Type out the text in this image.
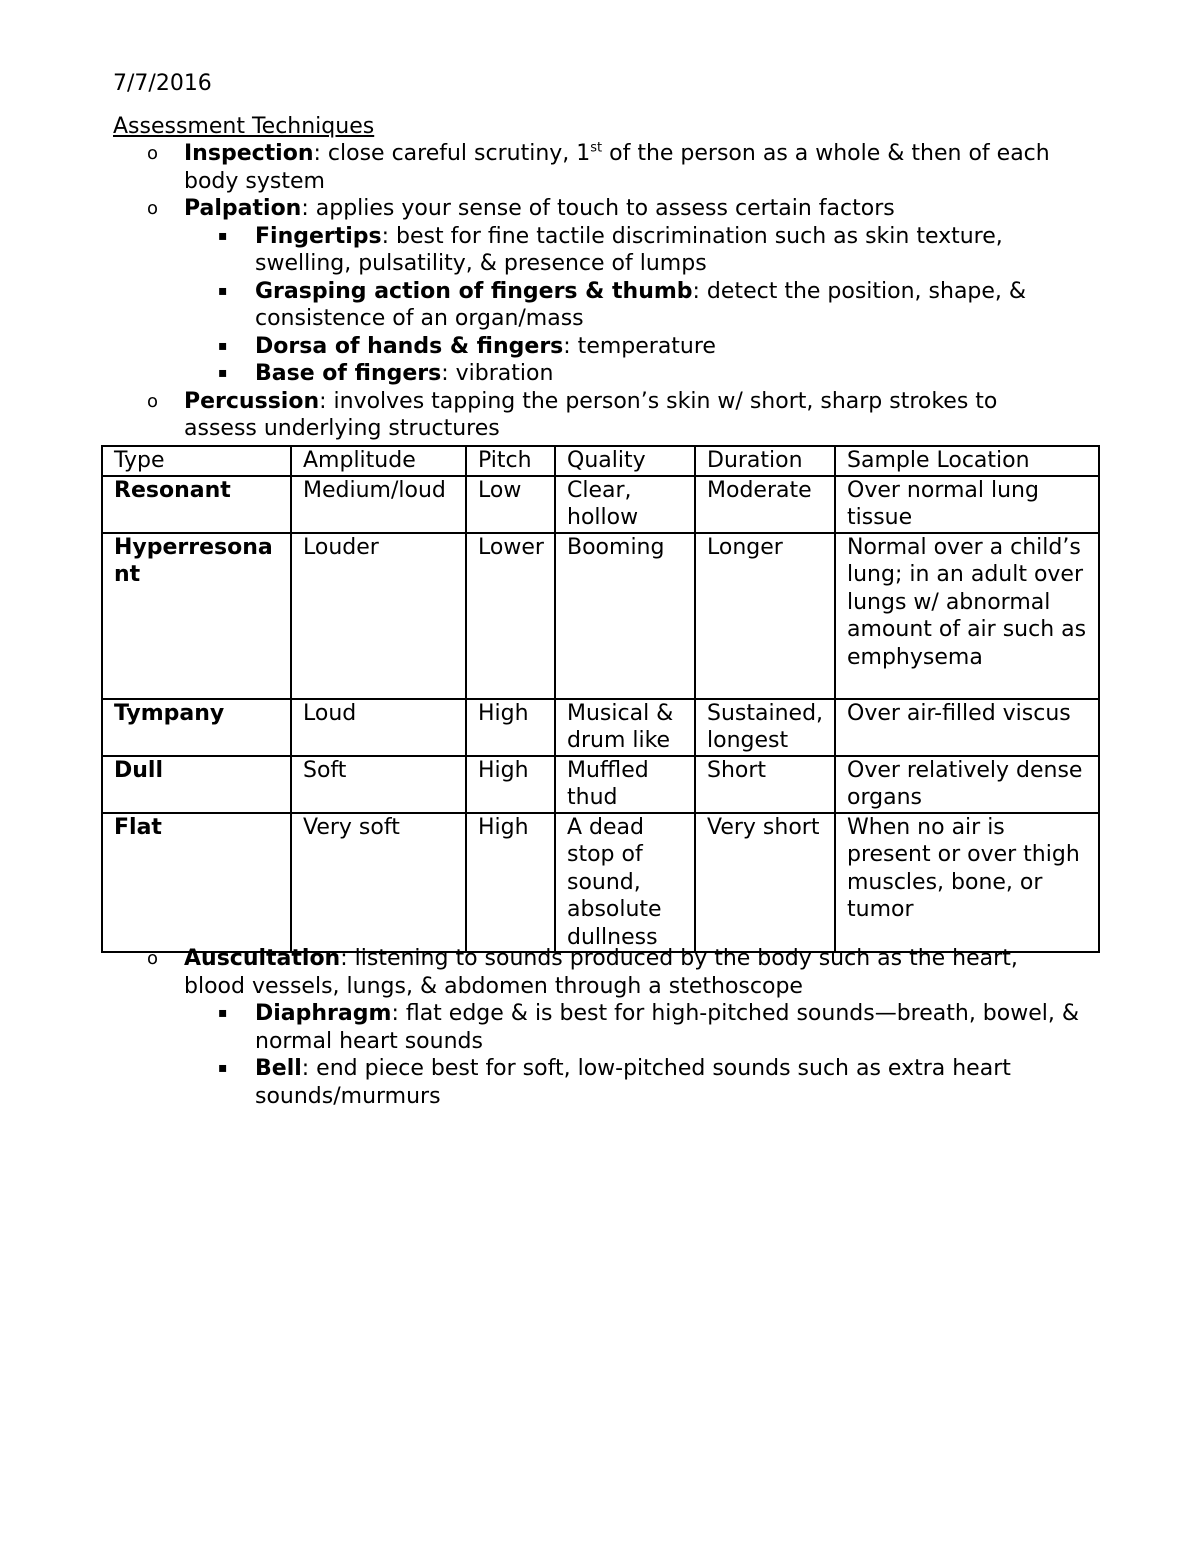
7/7/2016
Assessment Techniques
o Inspection: close careful scrutiny, 1st of the person as a whole & then of each body system
o Palpation: applies your sense of touch to assess certain factors
▪ Fingertips: best for fine tactile discrimination such as skin texture, swelling, pulsatility, & presence of lumps
▪ Grasping action of fingers & thumb: detect the position, shape, & consistence of an organ/mass
▪ Dorsa of hands & fingers: temperature
▪ Base of fingers: vibration
o Percussion: involves tapping the person’s skin w/ short, sharp strokes to assess underlying structures
Type	Amplitude	Pitch	Quality	Duration	Sample Location
Resonant	Medium/loud	Low	Clear, hollow	Moderate	Over normal lung tissue
Hyperresonant	Louder	Lower	Booming	Longer	Normal over a child’s lung; in an adult over lungs w/ abnormal amount of air such as emphysema
Tympany	Loud	High	Musical & drum like	Sustained, longest	Over air-filled viscus
Dull	Soft	High	Muffled thud	Short	Over relatively dense organs
Flat	Very soft	High	A dead stop of sound, absolute dullness	Very short	When no air is present or over thigh muscles, bone, or tumor
o Auscultation: listening to sounds produced by the body such as the heart, blood vessels, lungs, & abdomen through a stethoscope
▪ Diaphragm: flat edge & is best for high-pitched sounds—breath, bowel, & normal heart sounds
▪ Bell: end piece best for soft, low-pitched sounds such as extra heart sounds/murmurs
